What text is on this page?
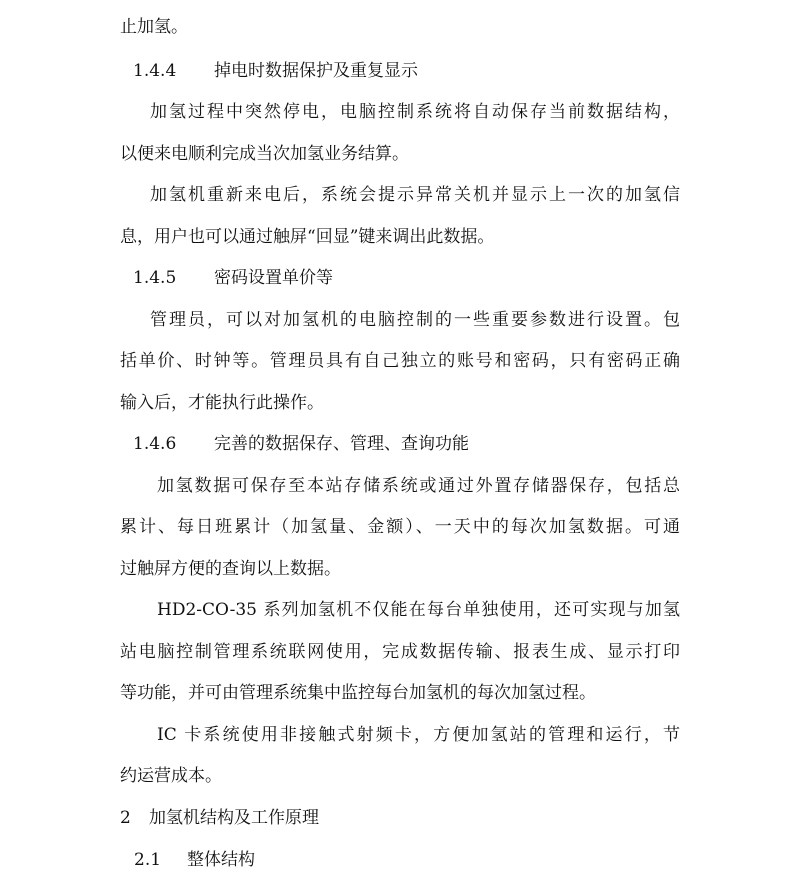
止加氢。
1.4.4 掉电时数据保护及重复显示
加氢过程中突然停电，电脑控制系统将自动保存当前数据结构，
以便来电顺利完成当次加氢业务结算。
加氢机重新来电后，系统会提示异常关机并显示上一次的加氢信
息，用户也可以通过触屏“回显”键来调出此数据。
1.4.5 密码设置单价等
管理员，可以对加氢机的电脑控制的一些重要参数进行设置。包
括单价、时钟等。管理员具有自己独立的账号和密码，只有密码正确
输入后，才能执行此操作。
1.4.6 完善的数据保存、管理、查询功能
加氢数据可保存至本站存储系统或通过外置存储器保存，包括总
累计、每日班累计（加氢量、金额）、一天中的每次加氢数据。可通
过触屏方便的查询以上数据。
HD2-CO-35 系列加氢机不仅能在每台单独使用，还可实现与加氢
站电脑控制管理系统联网使用，完成数据传输、报表生成、显示打印
等功能，并可由管理系统集中监控每台加氢机的每次加氢过程。
IC 卡系统使用非接触式射频卡，方便加氢站的管理和运行，节
约运营成本。
2 加氢机结构及工作原理
2.1 整体结构
